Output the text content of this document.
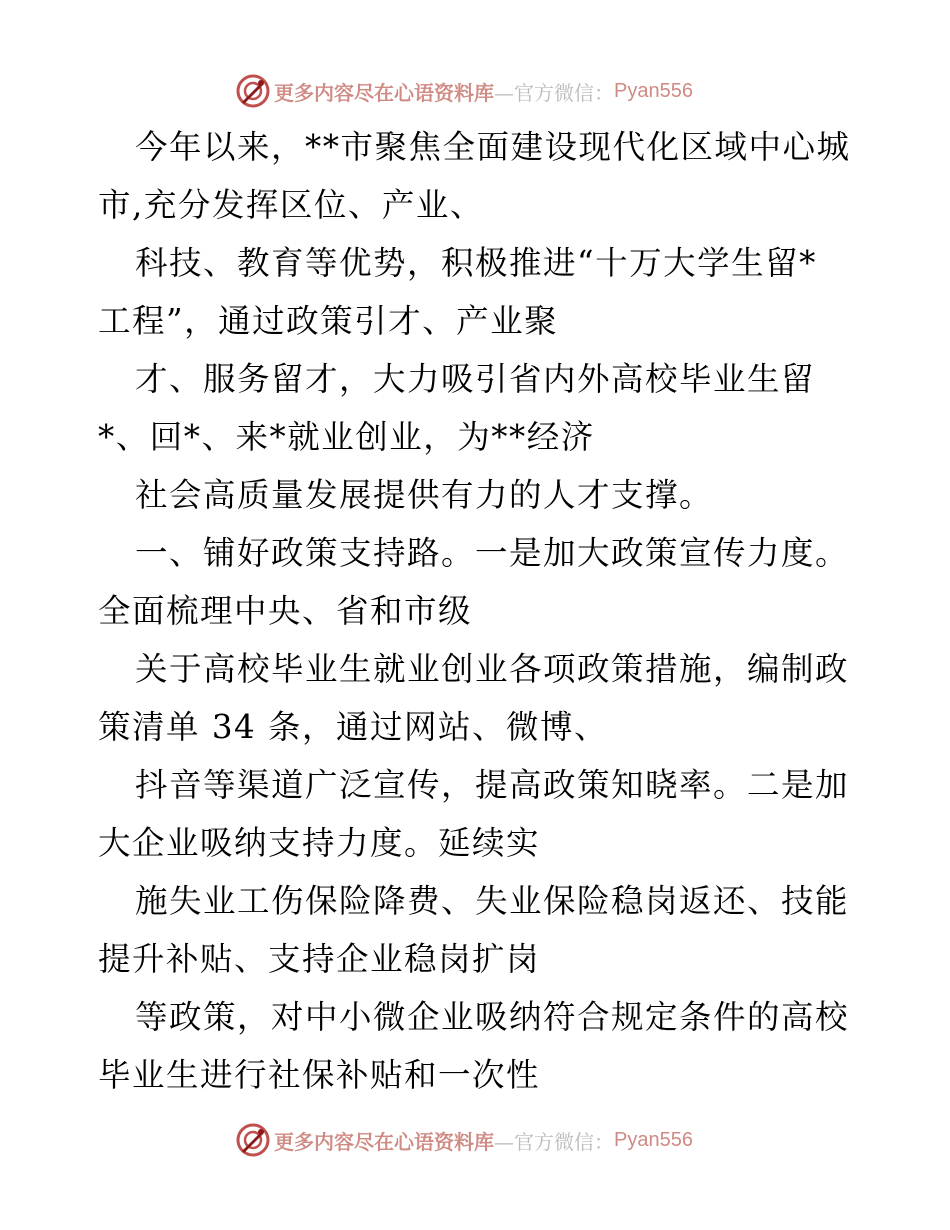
更多内容尽在心语资料库 —官方微信： Pyan556
今年以来，**市聚焦全面建设现代化区域中心城
市,充分发挥区位、产业、
科技、教育等优势，积极推进“十万大学生留*
工程”，通过政策引才、产业聚
才、服务留才，大力吸引省内外高校毕业生留
*、回*、来*就业创业，为**经济
社会高质量发展提供有力的人才支撑。
一、铺好政策支持路。一是加大政策宣传力度。
全面梳理中央、省和市级
关于高校毕业生就业创业各项政策措施，编制政
策清单 34 条，通过网站、微博、
抖音等渠道广泛宣传，提高政策知晓率。二是加
大企业吸纳支持力度。延续实
施失业工伤保险降费、失业保险稳岗返还、技能
提升补贴、支持企业稳岗扩岗
等政策，对中小微企业吸纳符合规定条件的高校
毕业生进行社保补贴和一次性
更多内容尽在心语资料库 —官方微信： Pyan556
